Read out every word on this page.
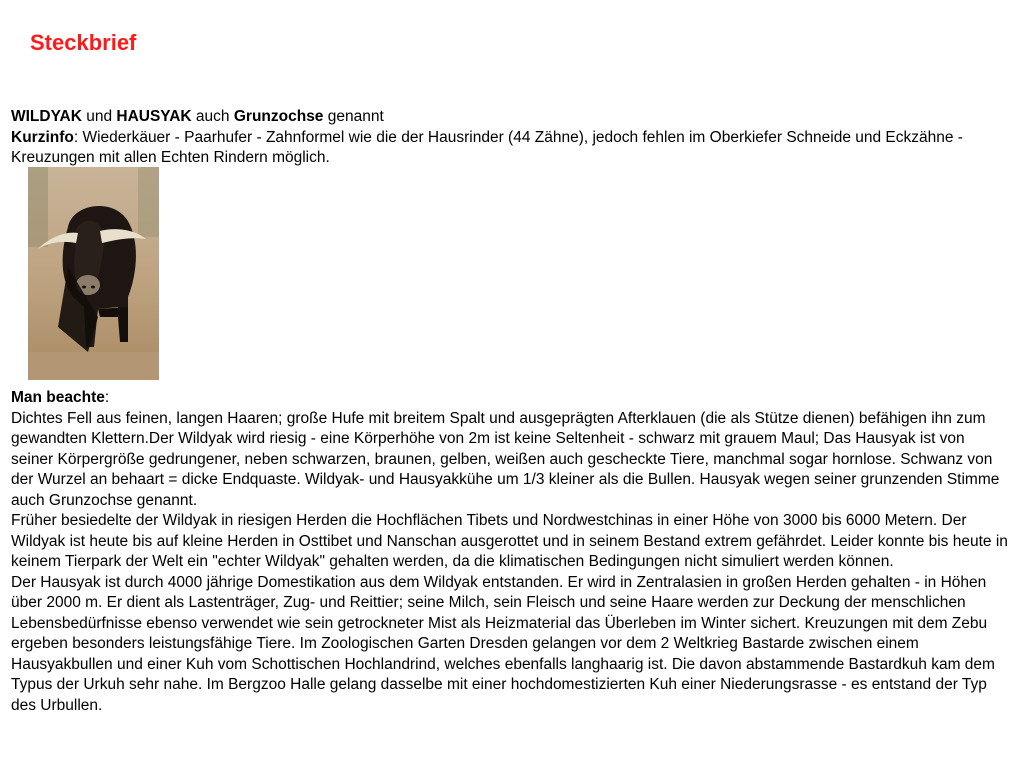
Steckbrief

WILDYAK und HAUSYAK auch Grunzochse genannt

Kurzinfo: Wiederkäuer - Paarhufer - Zahnformel wie die der Hausrinder (44 Zähne), jedoch fehlen im Oberkiefer Schneide und Eckzähne - Kreuzungen mit allen Echten Rindern möglich.

Man beachte:

Dichtes Fell aus feinen, langen Haaren; große Hufe mit breitem Spalt und ausgeprägten Afterklauen (die als Stütze dienen) befähigen ihn zum gewandten Klettern.Der Wildyak wird riesig - eine Körperhöhe von 2m ist keine Seltenheit - schwarz mit grauem Maul; Das Hausyak ist von seiner Körpergröße gedrungener, neben schwarzen, braunen, gelben, weißen auch gescheckte Tiere, manchmal sogar hornlose. Schwanz von der Wurzel an behaart = dicke Endquaste. Wildyak- und Hausyakkühe um 1/3 kleiner als die Bullen. Hausyak wegen seiner grunzenden Stimme auch Grunzochse genannt.

Früher besiedelte der Wildyak in riesigen Herden die Hochflächen Tibets und Nordwestchinas in einer Höhe von 3000 bis 6000 Metern. Der Wildyak ist heute bis auf kleine Herden in Osttibet und Nanschan ausgerottet und in seinem Bestand extrem gefährdet. Leider konnte bis heute in keinem Tierpark der Welt ein "echter Wildyak" gehalten werden, da die klimatischen Bedingungen nicht simuliert werden können.

Der Hausyak ist durch 4000 jährige Domestikation aus dem Wildyak entstanden. Er wird in Zentralasien in großen Herden gehalten - in Höhen über 2000 m. Er dient als Lastenträger, Zug- und Reittier; seine Milch, sein Fleisch und seine Haare werden zur Deckung der menschlichen Lebensbedürfnisse ebenso verwendet wie sein getrockneter Mist als Heizmaterial das Überleben im Winter sichert. Kreuzungen mit dem Zebu ergeben besonders leistungsfähige Tiere. Im Zoologischen Garten Dresden gelangen vor dem 2 Weltkrieg Bastarde zwischen einem Hausyakbullen und einer Kuh vom Schottischen Hochlandrind, welches ebenfalls langhaarig ist. Die davon abstammende Bastardkuh kam dem Typus der Urkuh sehr nahe. Im Bergzoo Halle gelang dasselbe mit einer hochdomestizierten Kuh einer Niederungsrasse - es entstand der Typ des Urbullen.
